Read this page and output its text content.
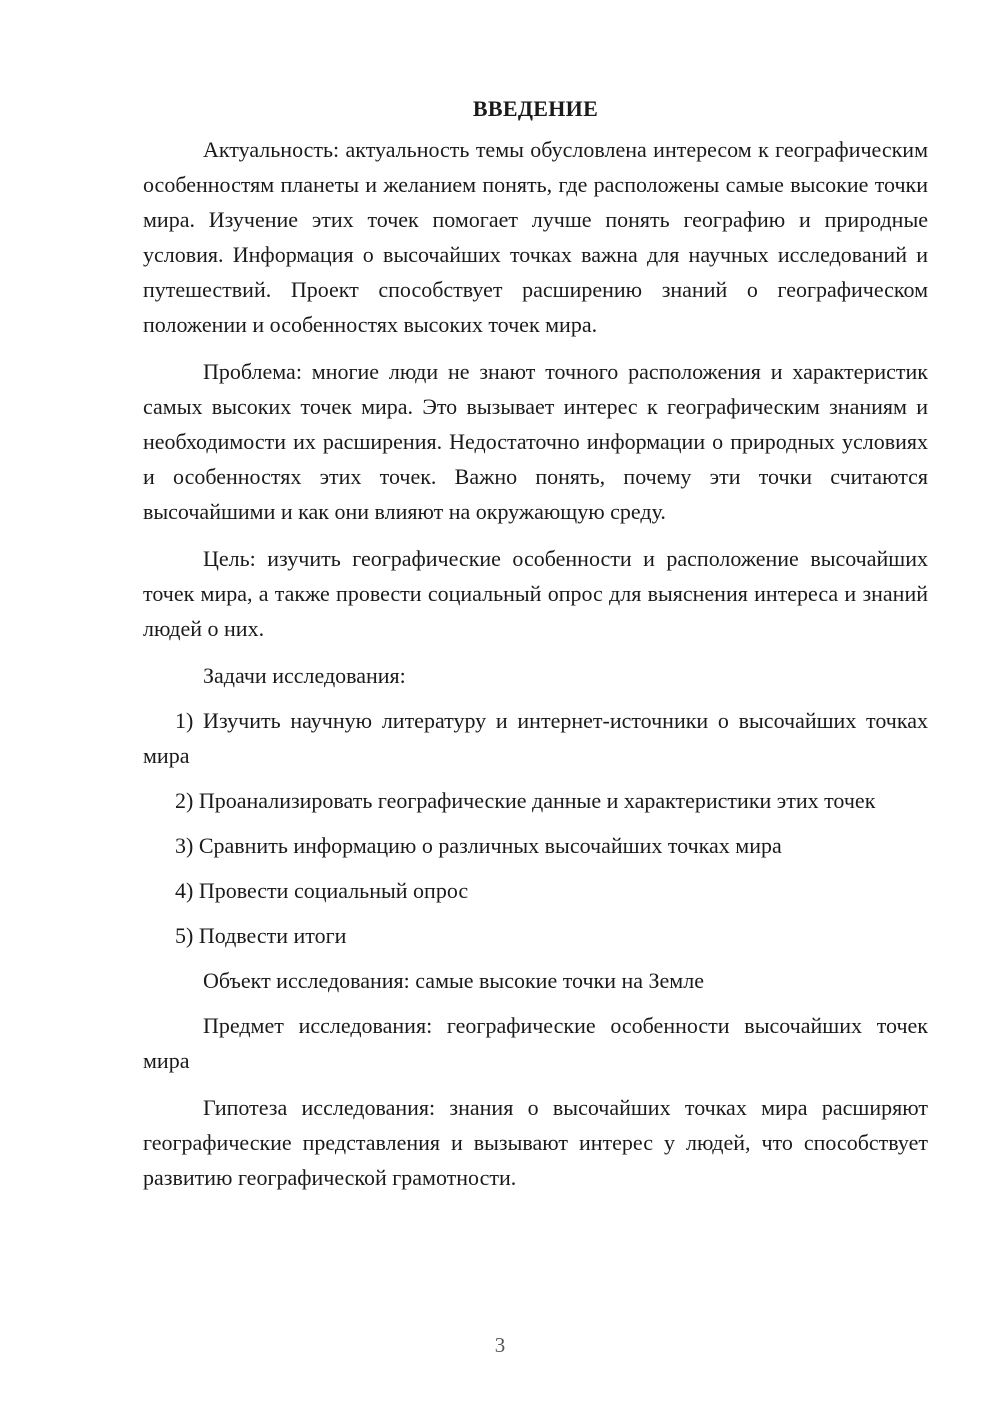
ВВЕДЕНИЕ

Актуальность: актуальность темы обусловлена интересом к географическим особенностям планеты и желанием понять, где расположены самые высокие точки мира. Изучение этих точек помогает лучше понять географию и природные условия. Информация о высочайших точках важна для научных исследований и путешествий. Проект способствует расширению знаний о географическом положении и особенностях высоких точек мира.

Проблема: многие люди не знают точного расположения и характеристик самых высоких точек мира. Это вызывает интерес к географическим знаниям и необходимости их расширения. Недостаточно информации о природных условиях и особенностях этих точек. Важно понять, почему эти точки считаются высочайшими и как они влияют на окружающую среду.

Цель: изучить географические особенности и расположение высочайших точек мира, а также провести социальный опрос для выяснения интереса и знаний людей о них.

Задачи исследования:

1) Изучить научную литературу и интернет-источники о высочайших точках мира

2) Проанализировать географические данные и характеристики этих точек

3) Сравнить информацию о различных высочайших точках мира

4) Провести социальный опрос

5) Подвести итоги

Объект исследования: самые высокие точки на Земле

Предмет исследования: географические особенности высочайших точек мира

Гипотеза исследования: знания о высочайших точках мира расширяют географические представления и вызывают интерес у людей, что способствует развитию географической грамотности.

3
